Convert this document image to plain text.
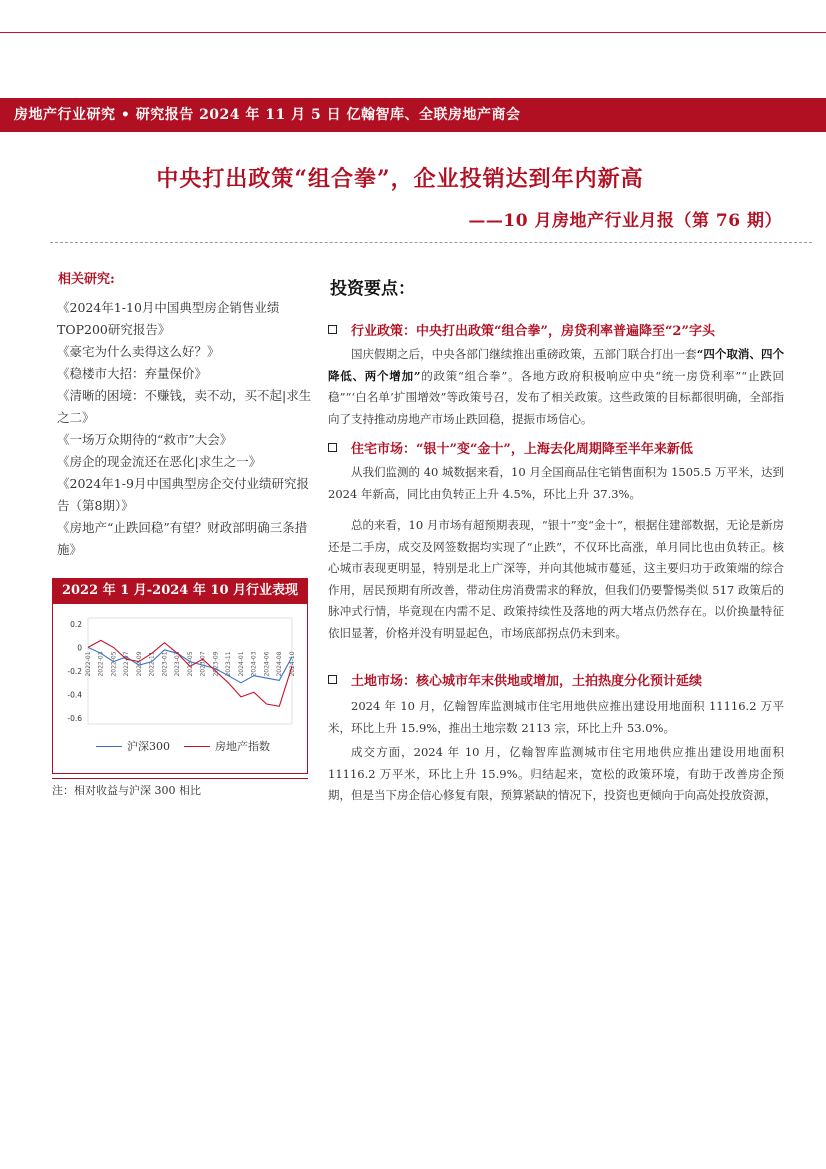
房地产行业研究 • 研究报告 2024 年 11 月 5 日 亿翰智库、全联房地产商会
中央打出政策“组合拳”，企业投销达到年内新高
——10 月房地产行业月报（第 76 期）
相关研究:
《2024年1-10月中国典型房企销售业绩TOP200研究报告》
《豪宅为什么卖得这么好？》
《稳楼市大招：弃量保价》
《清晰的困境：不赚钱，卖不动，买不起|求生之二》
《一场万众期待的“救市”大会》
《房企的现金流还在恶化|求生之一》
《2024年1-9月中国典型房企交付业绩研究报告（第8期）》
《房地产“止跌回稳”有望？财政部明确三条措施》
2022 年 1 月-2024 年 10 月行业表现
0.2
0
-0.2
-0.4
-0.6
2022-01 2022-03 2022-05 2022-07 2022-09 2022-11 2023-01 2023-03 2023-05 2023-07 2023-09 2023-11 2024-01 2024-03 2024-06 2024-08 2024-10
沪深300	房地产指数
注：相对收益与沪深 300 相比
投资要点：
行业政策：中央打出政策“组合拳”，房贷利率普遍降至“2”字头

国庆假期之后，中央各部门继续推出重磅政策，五部门联合打出一套“四个取消、四个降低、两个增加”的政策“组合拳”。各地方政府积极响应中央“统一房贷利率”“止跌回稳”“‘白名单’扩围增效”等政策号召，发布了相关政策。这些政策的目标都很明确，全部指向了支持推动房地产市场止跌回稳，提振市场信心。

住宅市场：“银十”变“金十”，上海去化周期降至半年来新低

从我们监测的 40 城数据来看，10 月全国商品住宅销售面积为 1505.5 万平米，达到 2024 年新高，同比由负转正上升 4.5%，环比上升 37.3%。

总的来看，10 月市场有超预期表现，“银十”变“金十”，根据住建部数据，无论是新房还是二手房，成交及网签数据均实现了“止跌”，不仅环比高涨，单月同比也由负转正。核心城市表现更明显，特别是北上广深等，并向其他城市蔓延，这主要归功于政策端的综合作用，居民预期有所改善，带动住房消费需求的释放，但我们仍要警惕类似 517 政策后的脉冲式行情，毕竟现在内需不足、政策持续性及落地的两大堵点仍然存在。以价换量特征依旧显著，价格并没有明显起色，市场底部拐点仍未到来。

土地市场：核心城市年末供地或增加，土拍热度分化预计延续

2024 年 10 月，亿翰智库监测城市住宅用地供应推出建设用地面积 11116.2 万平米，环比上升 15.9%，推出土地宗数 2113 宗，环比上升 53.0%。

成交方面，2024 年 10 月，亿翰智库监测城市住宅用地供应推出建设用地面积 11116.2 万平米，环比上升 15.9%。归结起来，宽松的政策环境，有助于改善房企预期，但是当下房企信心修复有限，预算紧缺的情况下，投资也更倾向于向高处投放资源，
